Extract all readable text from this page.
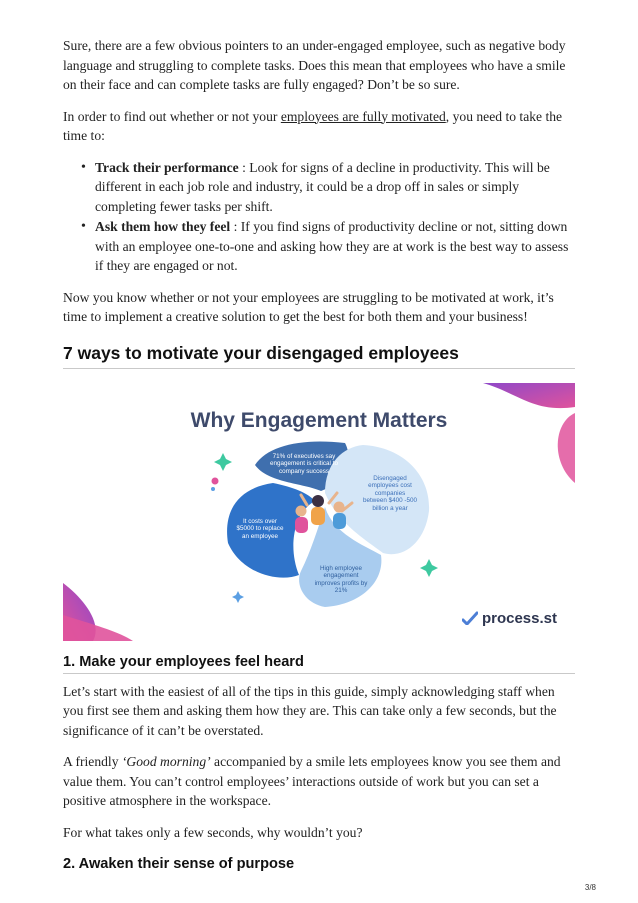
Sure, there are a few obvious pointers to an under-engaged employee, such as negative body language and struggling to complete tasks. Does this mean that employees who have a smile on their face and can complete tasks are fully engaged? Don’t be so sure.

In order to find out whether or not your employees are fully motivated, you need to take the time to:

• Track their performance : Look for signs of a decline in productivity. This will be different in each job role and industry, it could be a drop off in sales or simply completing fewer tasks per shift.
• Ask them how they feel : If you find signs of productivity decline or not, sitting down with an employee one-to-one and asking how they are at work is the best way to assess if they are engaged or not.

Now you know whether or not your employees are struggling to be motivated at work, it’s time to implement a creative solution to get the best for both them and your business!

7 ways to motivate your disengaged employees
Why Engagement Matters
71% of executives say engagement is critical to company success
Disengaged employees cost companies between $400 -500 billion a year
It costs over $5000 to replace an employee
High employee engagement improves profits by 21%
process.st
1. Make your employees feel heard

Let’s start with the easiest of all of the tips in this guide, simply acknowledging staff when you first see them and asking them how they are. This can take only a few seconds, but the significance of it can’t be overstated.

A friendly ‘Good morning’ accompanied by a smile lets employees know you see them and value them. You can’t control employees’ interactions outside of work but you can set a positive atmosphere in the workspace.

For what takes only a few seconds, why wouldn’t you?

2. Awaken their sense of purpose
3/8
